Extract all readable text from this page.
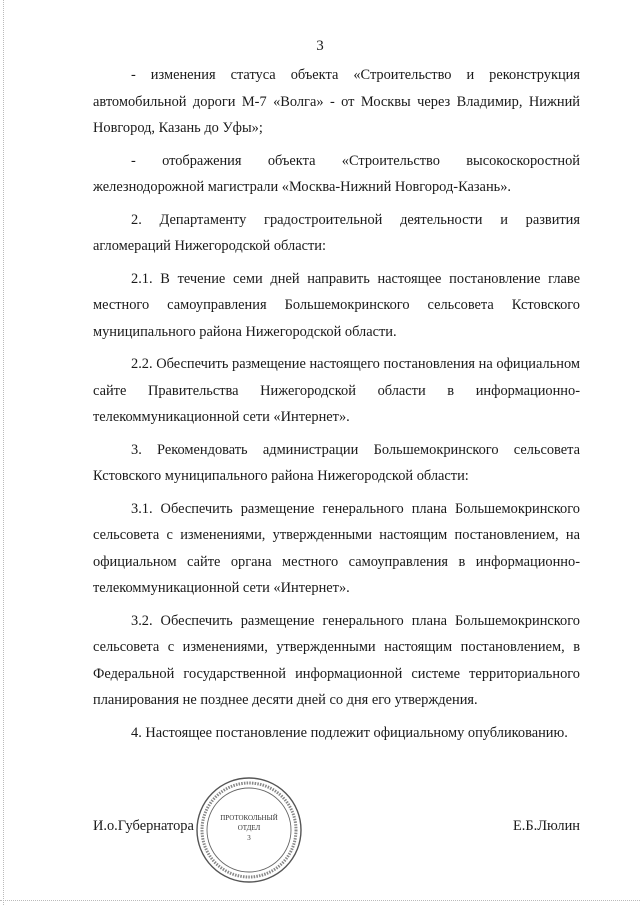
3

- изменения статуса объекта «Строительство и реконструкция автомобильной дороги М-7 «Волга» - от Москвы через Владимир, Нижний Новгород, Казань до Уфы»;

- отображения объекта «Строительство высокоскоростной железнодорожной магистрали «Москва-Нижний Новгород-Казань».

2. Департаменту градостроительной деятельности и развития агломераций Нижегородской области:

2.1. В течение семи дней направить настоящее постановление главе местного самоуправления Большемокринского сельсовета Кстовского муниципального района Нижегородской области.

2.2. Обеспечить размещение настоящего постановления на официальном сайте Правительства Нижегородской области в информационно-телекоммуникационной сети «Интернет».

3. Рекомендовать администрации Большемокринского сельсовета Кстовского муниципального района Нижегородской области:

3.1. Обеспечить размещение генерального плана Большемокринского сельсовета с изменениями, утвержденными настоящим постановлением, на официальном сайте органа местного самоуправления в информационно-телекоммуникационной сети «Интернет».

3.2. Обеспечить размещение генерального плана Большемокринского сельсовета с изменениями, утвержденными настоящим постановлением, в Федеральной государственной информационной системе территориального планирования не позднее десяти дней со дня его утверждения.

4. Настоящее постановление подлежит официальному опубликованию.

ПРОТОКОЛЬНЫЙ
ОТДЕЛ
3
И.о.Губернатора	Е.Б.Люлин
